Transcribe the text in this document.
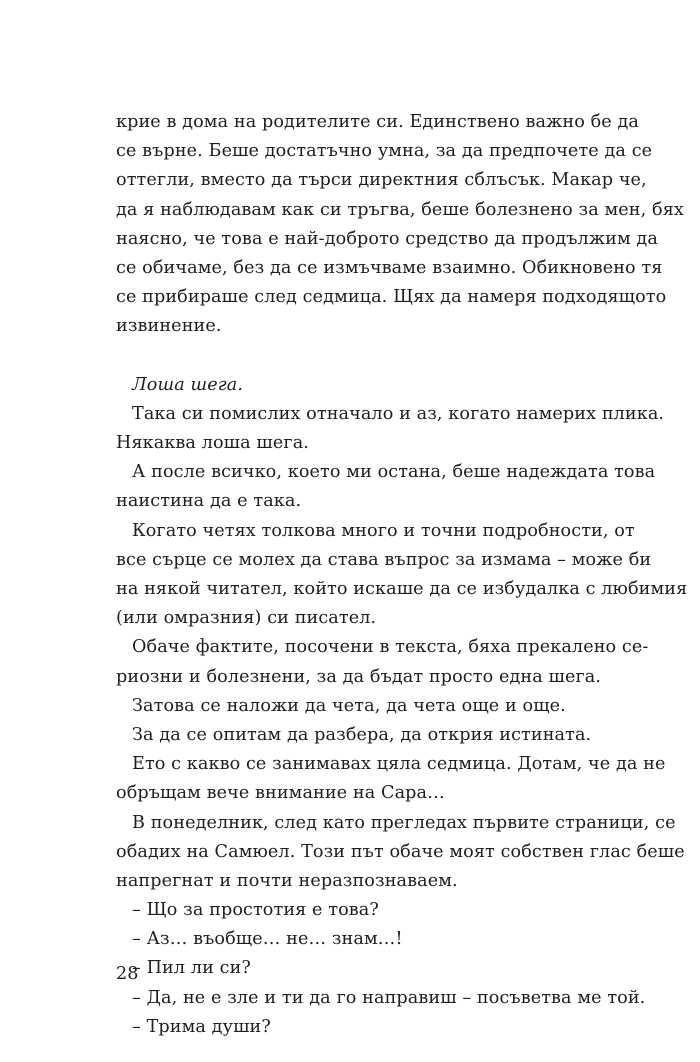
крие в дома на родителите си. Единствено важно бе да
се върне. Беше достатъчно умна, за да предпочете да се
оттегли, вместо да търси директния сблъсък. Макар че,
да я наблюдавам как си тръгва, беше болезнено за мен, бях
наясно, че това е най-доброто средство да продължим да
се обичаме, без да се измъчваме взаимно. Обикновено тя
се прибираше след седмица. Щях да намеря подходящото
извинение.
Лоша шега.
Така си помислих отначало и аз, когато намерих плика.
Някаква лоша шега.
А после всичко, което ми остана, беше надеждата това
наистина да е така.
Когато четях толкова много и точни подробности, от
все сърце се молех да става въпрос за измама – може би
на някой читател, който искаше да се избудалка с любимия
(или омразния) си писател.
Обаче фактите, посочени в текста, бяха прекалено се-
риозни и болезнени, за да бъдат просто една шега.
Затова се наложи да чета, да чета още и още.
За да се опитам да разбера, да открия истината.
Ето с какво се занимавах цяла седмица. Дотам, че да не
обръщам вече внимание на Сара…
В понеделник, след като прегледах първите страници, се
обадих на Самюел. Този път обаче моят собствен глас беше
напрегнат и почти неразпознаваем.
– Що за простотия е това?
– Аз… въобще… не… знам…!
– Пил ли си?
– Да, не е зле и ти да го направиш – посъветва ме той.
– Трима души?
28
